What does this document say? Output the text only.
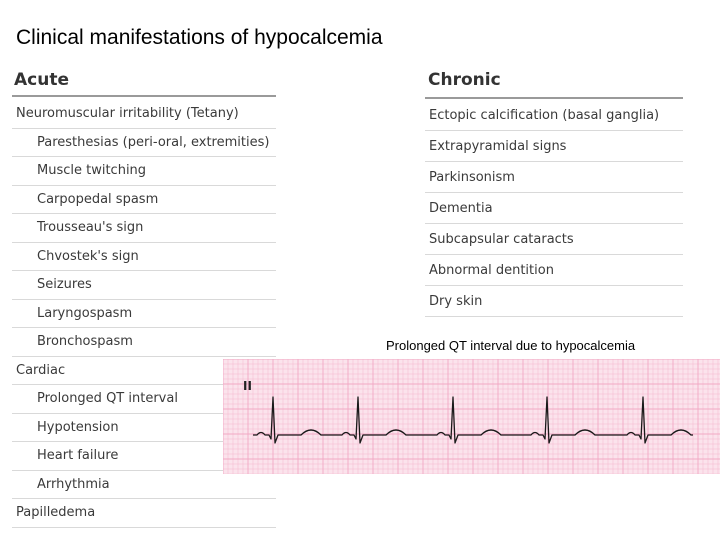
Clinical manifestations of hypocalcemia
Acute
Neuromuscular irritability (Tetany)
Paresthesias (peri-oral, extremities)
Muscle twitching
Carpopedal spasm
Trousseau's sign
Chvostek's sign
Seizures
Laryngospasm
Bronchospasm
Cardiac
Prolonged QT interval
Hypotension
Heart failure
Arrhythmia
Papilledema
Chronic
Ectopic calcification (basal ganglia)
Extrapyramidal signs
Parkinsonism
Dementia
Subcapsular cataracts
Abnormal dentition
Dry skin
Prolonged QT interval due to hypocalcemia
II
